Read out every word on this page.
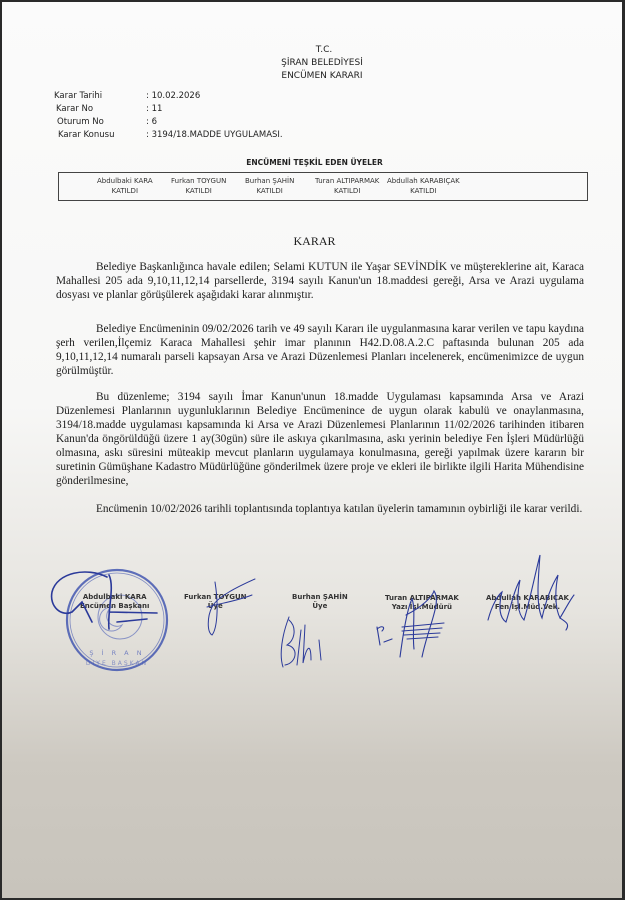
T.C.
ŞİRAN BELEDİYESİ
ENCÜMEN KARARI
Karar Tarihi	: 10.02.2026
Karar No	: 11
Oturum No	: 6
Karar Konusu	: 3194/18.MADDE UYGULAMASI.
ENCÜMENİ TEŞKİL EDEN ÜYELER
Abdulbaki KARA
KATILDI
Furkan TOYGUN
KATILDI
Burhan ŞAHİN
KATILDI
Turan ALTIPARMAK
KATILDI
Abdullah KARABIÇAK
KATILDI
KARAR

Belediye Başkanlığınca havale edilen; Selami KUTUN ile Yaşar SEVİNDİK ve müştereklerine ait, Karaca Mahallesi 205 ada 9,10,11,12,14 parsellerde, 3194 sayılı Kanun'un 18.maddesi gereği, Arsa ve Arazi uygulama dosyası ve planlar görüşülerek aşağıdaki karar alınmıştır.

Belediye Encümeninin 09/02/2026 tarih ve 49 sayılı Kararı ile uygulanmasına karar verilen ve tapu kaydına şerh verilen,İlçemiz Karaca Mahallesi şehir imar planının H42.D.08.A.2.C paftasında bulunan 205 ada 9,10,11,12,14 numaralı parseli kapsayan Arsa ve Arazi Düzenlemesi Planları incelenerek, encümenimizce de uygun görülmüştür.

Bu düzenleme; 3194 sayılı İmar Kanun'unun 18.madde Uygulaması kapsamında Arsa ve Arazi Düzenlemesi Planlarının uygunluklarının Belediye Encümenince de uygun olarak kabulü ve onaylanmasına, 3194/18.madde uygulaması kapsamında ki Arsa ve Arazi Düzenlemesi Planlarının 11/02/2026 tarihinden itibaren Kanun'da öngörüldüğü üzere 1 ay(30gün) süre ile askıya çıkarılmasına, askı yerinin belediye Fen İşleri Müdürlüğü olmasına, askı süresini müteakip mevcut planların uygulamaya konulmasına, gereği yapılmak üzere kararın bir suretinin Gümüşhane Kadastro Müdürlüğüne gönderilmek üzere proje ve ekleri ile birlikte ilgili Harita Mühendisine gönderilmesine,

Encümenin 10/02/2026 tarihli toplantısında toplantıya katılan üyelerin tamamının oybirliği ile karar verildi.

Ş İ R A N
DİYE BAŞKAN
Abdulbaki KARA
Encümen Başkanı
Furkan TOYGUN
Üye
Burhan ŞAHİN
Üye
Turan ALTIPARMAK
Yazı İşl.Müdürü
Abdullah KARABIÇAK
Fen İşl.Müd.Vek.
